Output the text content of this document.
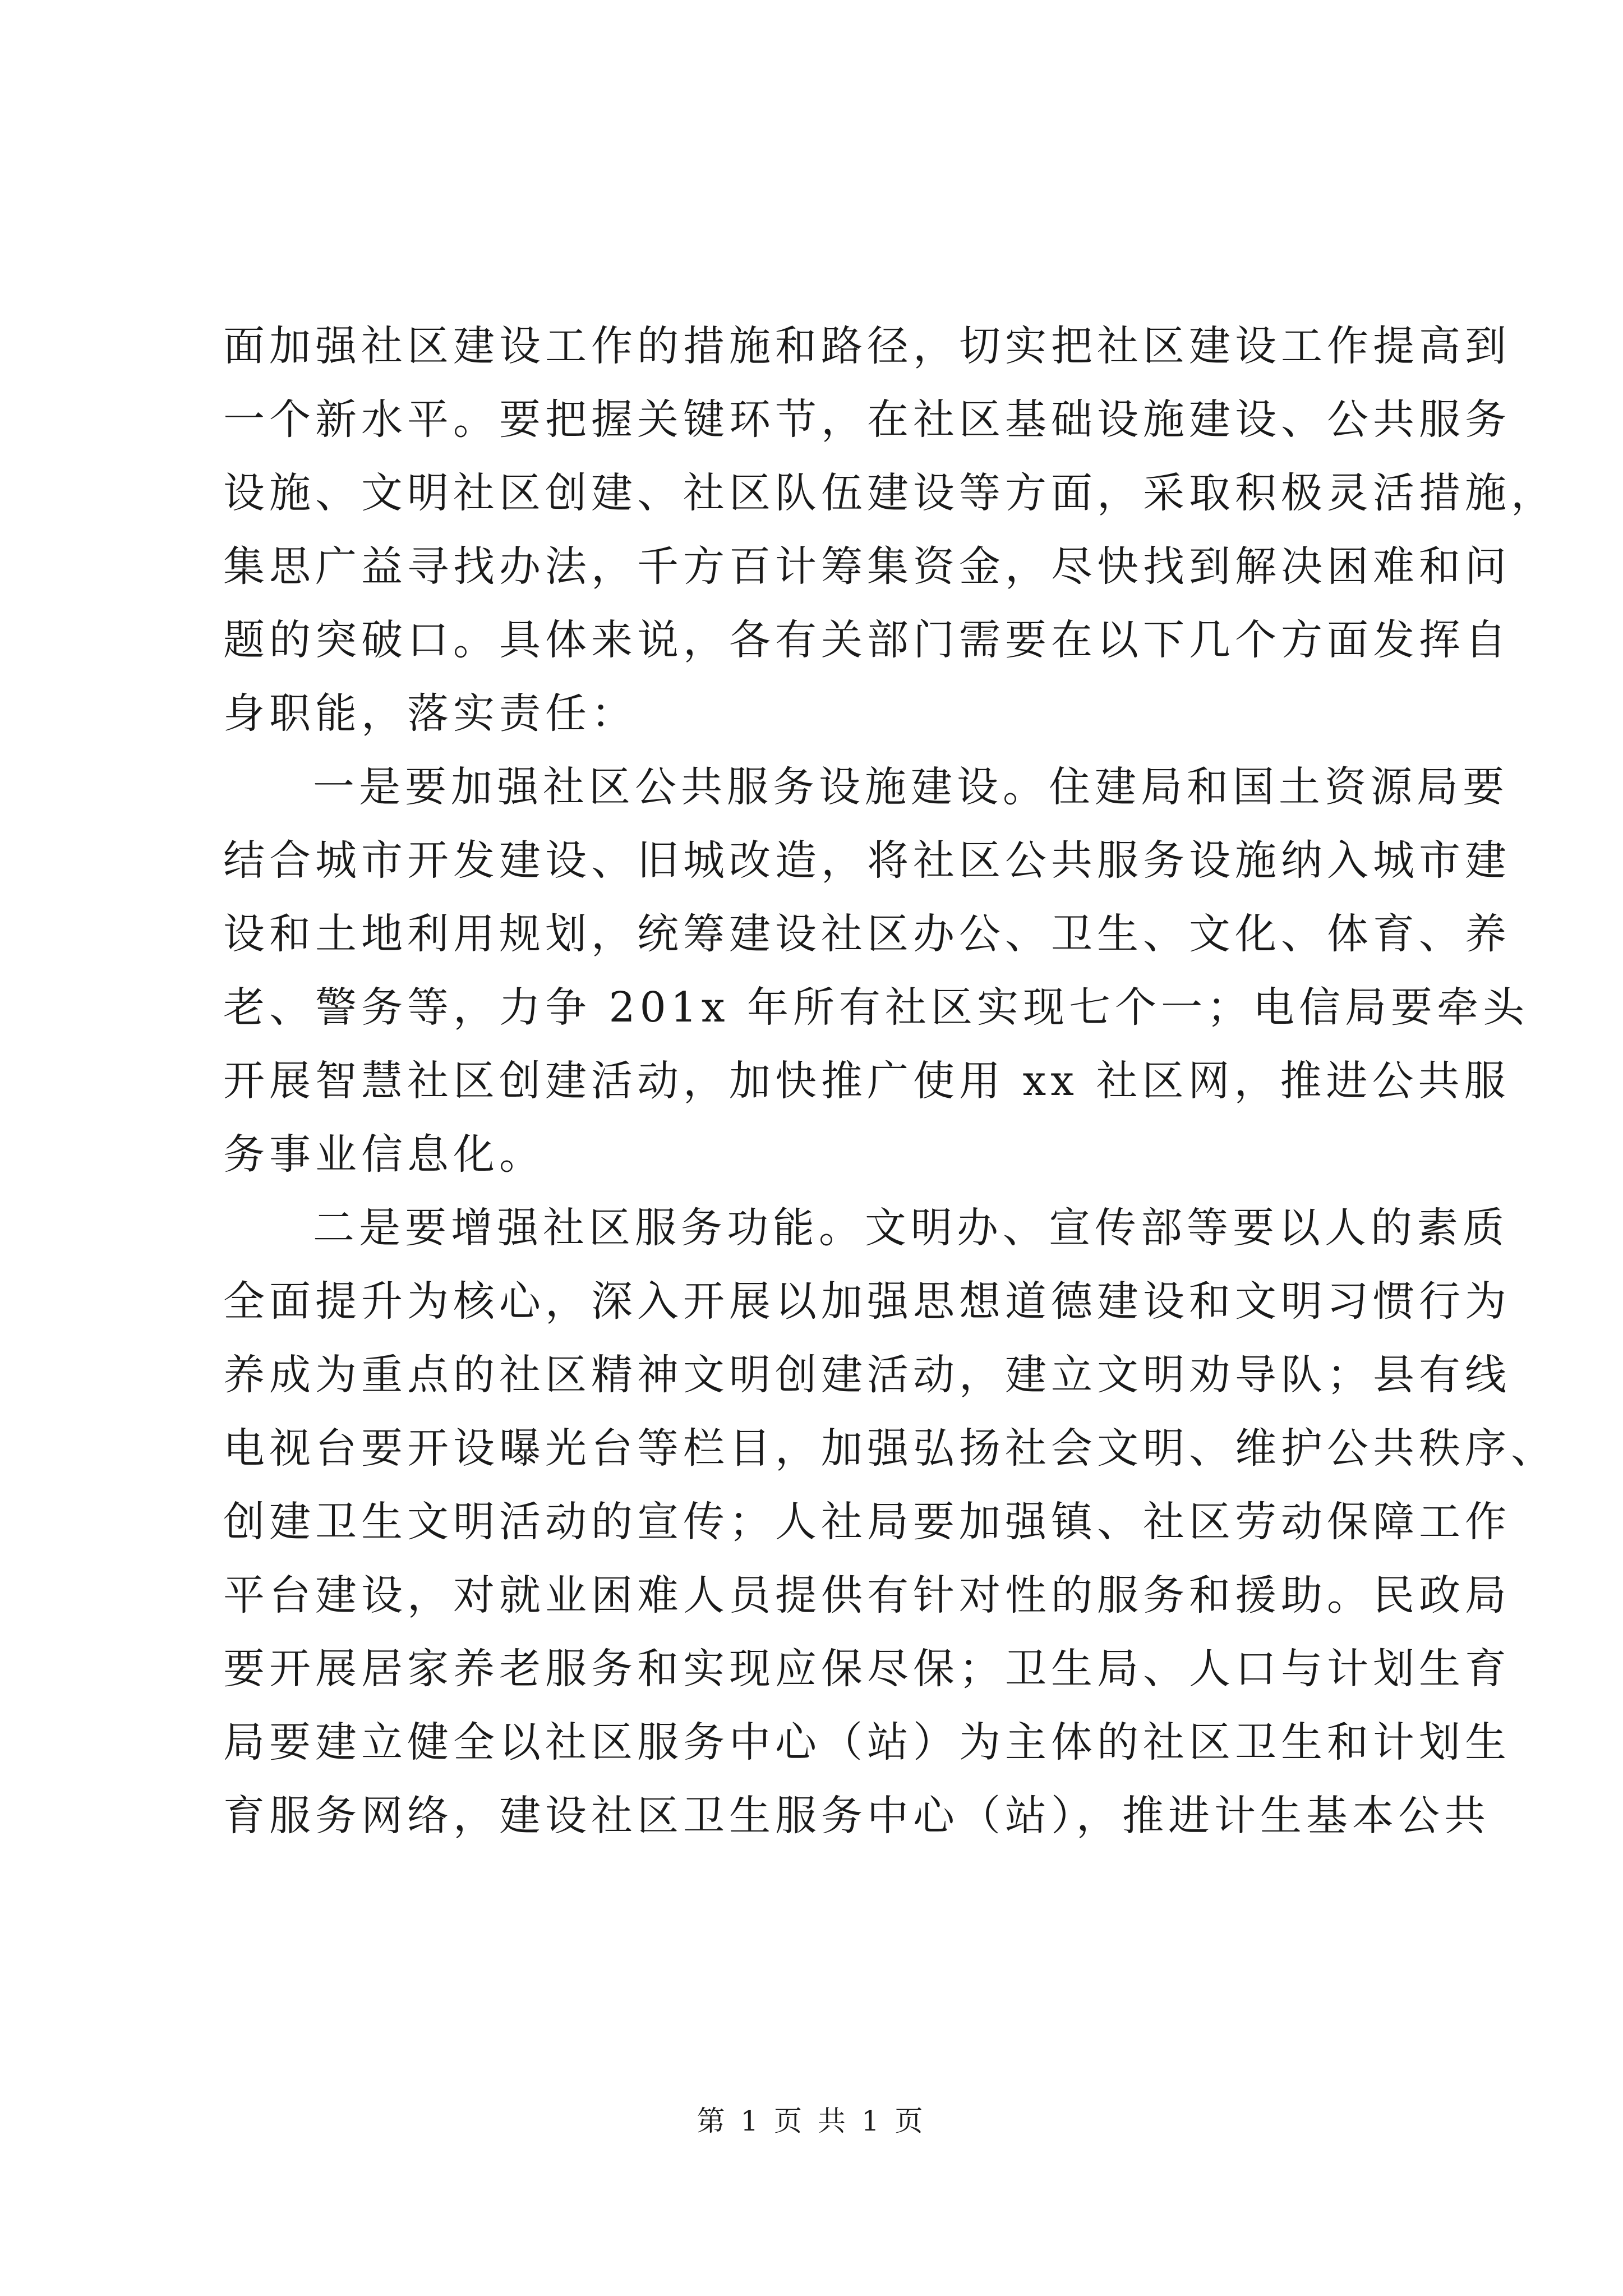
面加强社区建设工作的措施和路径，切实把社区建设工作提高到
一个新水平。要把握关键环节，在社区基础设施建设、公共服务
设施、文明社区创建、社区队伍建设等方面，采取积极灵活措施，
集思广益寻找办法，千方百计筹集资金，尽快找到解决困难和问
题的突破口。具体来说，各有关部门需要在以下几个方面发挥自
身职能，落实责任：
一是要加强社区公共服务设施建设。住建局和国土资源局要
结合城市开发建设、旧城改造，将社区公共服务设施纳入城市建
设和土地利用规划，统筹建设社区办公、卫生、文化、体育、养
老、警务等，力争 201x 年所有社区实现七个一；电信局要牵头
开展智慧社区创建活动，加快推广使用 xx 社区网，推进公共服
务事业信息化。
二是要增强社区服务功能。文明办、宣传部等要以人的素质
全面提升为核心，深入开展以加强思想道德建设和文明习惯行为
养成为重点的社区精神文明创建活动，建立文明劝导队；县有线
电视台要开设曝光台等栏目，加强弘扬社会文明、维护公共秩序、
创建卫生文明活动的宣传；人社局要加强镇、社区劳动保障工作
平台建设，对就业困难人员提供有针对性的服务和援助。民政局
要开展居家养老服务和实现应保尽保；卫生局、人口与计划生育
局要建立健全以社区服务中心（站）为主体的社区卫生和计划生
育服务网络，建设社区卫生服务中心（站），推进计生基本公共
第 1 页 共 1 页
